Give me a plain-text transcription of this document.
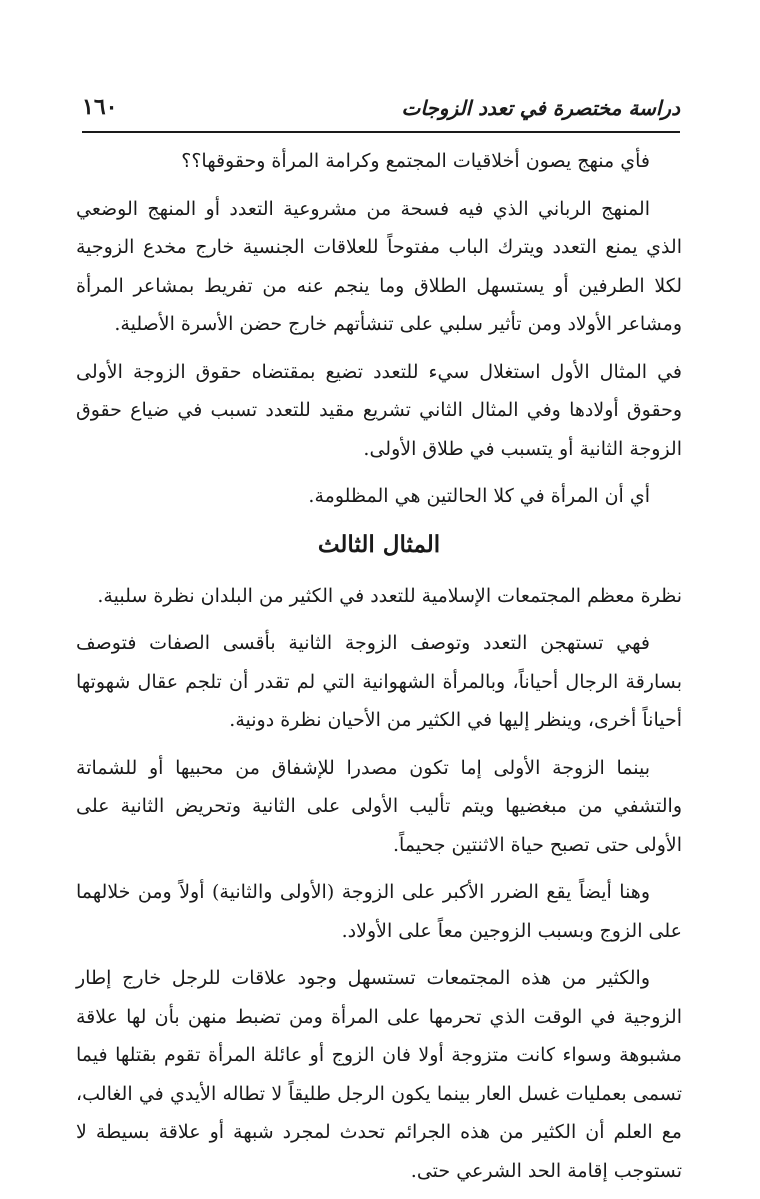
دراسة مختصرة في تعدد الزوجات
١٦٠

فأي منهج يصون أخلاقيات المجتمع وكرامة المرأة وحقوقها؟؟

المنهج الرباني الذي فيه فسحة من مشروعية التعدد أو المنهج الوضعي الذي يمنع التعدد ويترك الباب مفتوحاً للعلاقات الجنسية خارج مخدع الزوجية لكلا الطرفين أو يستسهل الطلاق وما ينجم عنه من تفريط بمشاعر المرأة ومشاعر الأولاد ومن تأثير سلبي على تنشأتهم خارج حضن الأسرة الأصلية.

في المثال الأول استغلال سيء للتعدد تضيع بمقتضاه حقوق الزوجة الأولى وحقوق أولادها وفي المثال الثاني تشريع مقيد للتعدد تسبب في ضياع حقوق الزوجة الثانية أو يتسبب في طلاق الأولى.

أي أن المرأة في كلا الحالتين هي المظلومة.

المثال الثالث

نظرة معظم المجتمعات الإسلامية للتعدد في الكثير من البلدان نظرة سلبية.

فهي تستهجن التعدد وتوصف الزوجة الثانية بأقسى الصفات فتوصف بسارقة الرجال أحياناً، وبالمرأة الشهوانية التي لم تقدر أن تلجم عقال شهوتها أحياناً أخرى، وينظر إليها في الكثير من الأحيان نظرة دونية.

بينما الزوجة الأولى إما تكون مصدرا للإشفاق من محبيها أو للشماتة والتشفي من مبغضيها ويتم تأليب الأولى على الثانية وتحريض الثانية على الأولى حتى تصبح حياة الاثنتين جحيماً.

وهنا أيضاً يقع الضرر الأكبر على الزوجة (الأولى والثانية) أولاً ومن خلالهما على الزوج وبسبب الزوجين معاً على الأولاد.

والكثير من هذه المجتمعات تستسهل وجود علاقات للرجل خارج إطار الزوجية في الوقت الذي تحرمها على المرأة ومن تضبط منهن بأن لها علاقة مشبوهة وسواء كانت متزوجة أولا فان الزوج أو عائلة المرأة تقوم بقتلها فيما تسمى بعمليات غسل العار بينما يكون الرجل طليقاً لا تطاله الأيدي في الغالب، مع العلم أن الكثير من هذه الجرائم تحدث لمجرد شبهة أو علاقة بسيطة لا تستوجب إقامة الحد الشرعي حتى.
